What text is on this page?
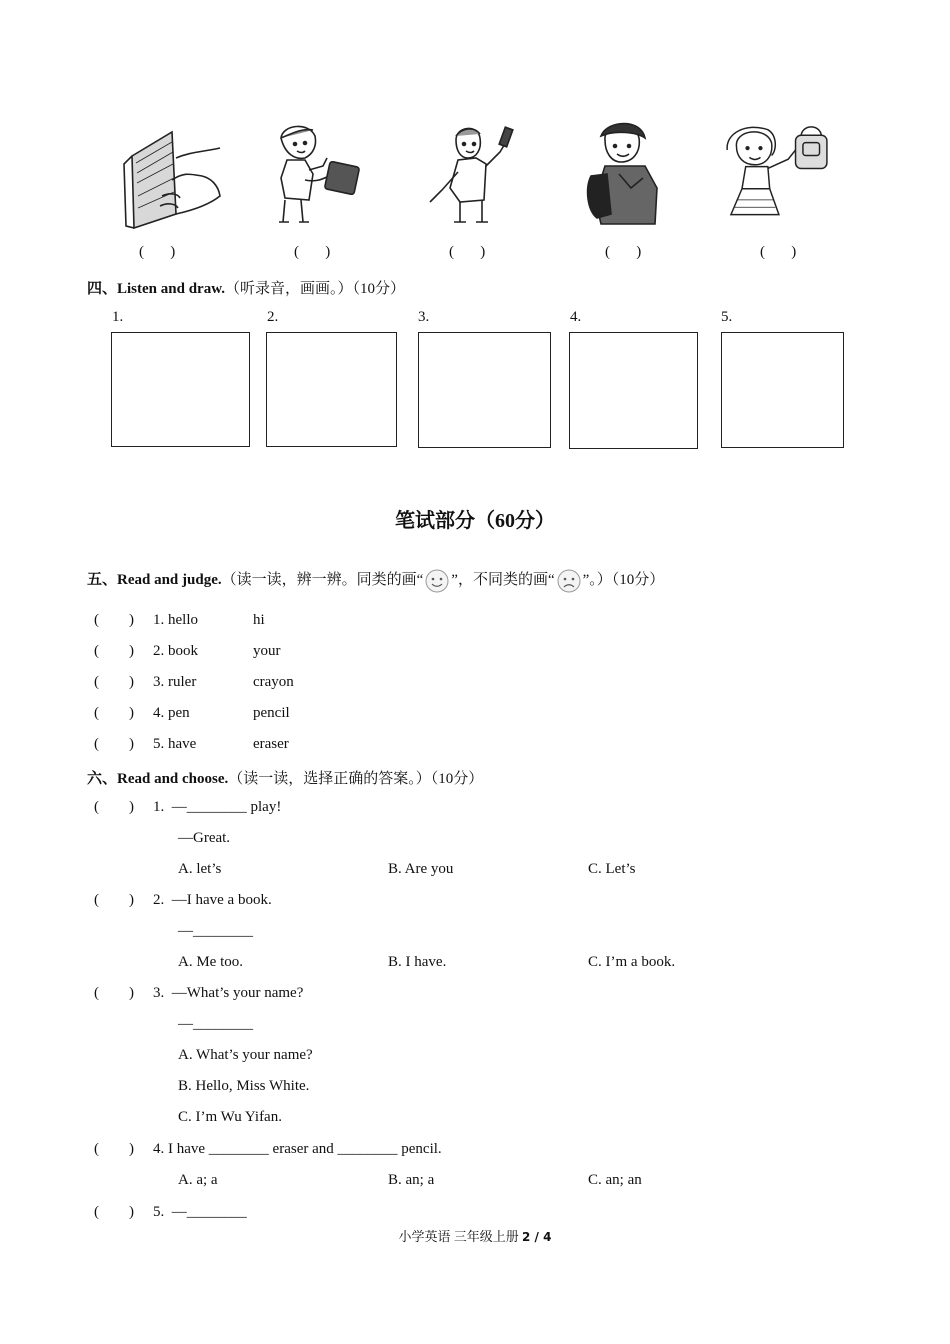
(       )	(       )	(       )	(       )	(       )
四、Listen and draw.（听录音，画画。）（10分）
1.	2.	3.	4.	5.
笔试部分（60分）
五、Read and judge.（读一读，辨一辨。同类的画“ ”，不同类的画“ ”。）（10分）
(        ) 1. hello	hi
(        ) 2. book	your
(        ) 3. ruler	crayon
(        ) 4. pen	pencil
(        ) 5. have	eraser
六、Read and choose.（读一读，选择正确的答案。）（10分）
(        ) 1.  —________ play!
—Great.
A. let’s	B. Are you	C. Let’s
(        ) 2.  —I have a book.
—________
A. Me too.	B. I have.	C. I’m a book.
(        ) 3.  —What’s your name?
—________
A. What’s your name?
B. Hello, Miss White.
C. I’m Wu Yifan.
(        ) 4. I have ________ eraser and ________ pencil.
A. a; a	B. an; a	C. an; an
(        ) 5.  —________
小学英语 三年级上册 2 / 4
